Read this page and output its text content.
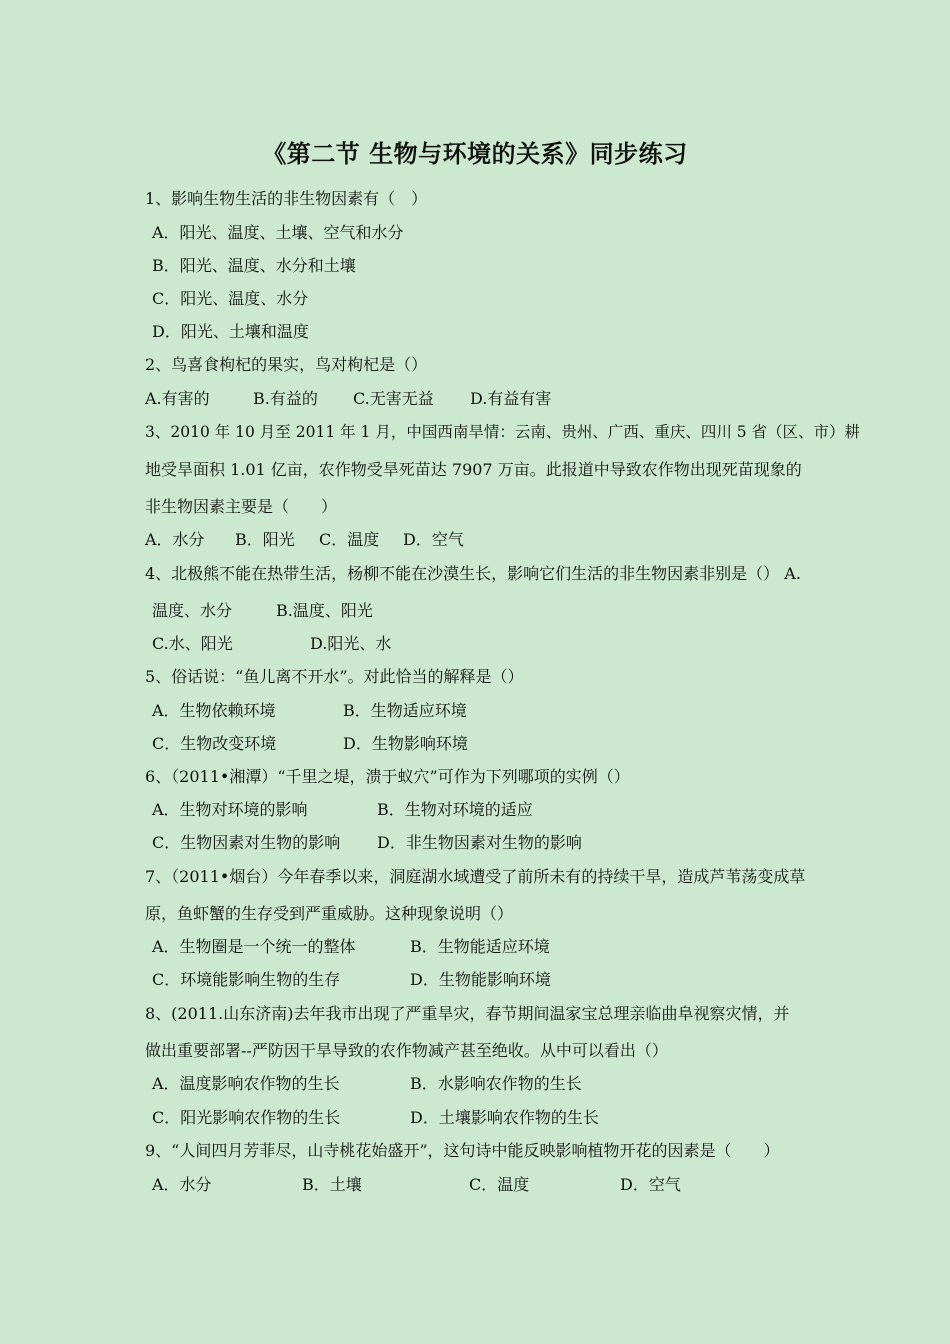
《第二节 生物与环境的关系》同步练习
1、影响生物生活的非生物因素有（　）
A．阳光、温度、土壤、空气和水分
B．阳光、温度、水分和土壤
C．阳光、温度、水分
D．阳光、土壤和温度
2、鸟喜食枸杞的果实，鸟对枸杞是（）
A.有害的	B.有益的 C.无害无益 D.有益有害
3、2010 年 10 月至 2011 年 1 月，中国西南旱情：云南、贵州、广西、重庆、四川 5 省（区、市）耕
地受旱面积 1.01 亿亩，农作物受旱死苗达 7907 万亩。此报道中导致农作物出现死苗现象的
非生物因素主要是（　　）
A．水分 B．阳光 C．温度 D．空气
4、北极熊不能在热带生活，杨柳不能在沙漠生长，影响它们生活的非生物因素非别是（） A.
温度、水分	B.温度、阳光
C.水、阳光	D.阳光、水
5、俗话说：“鱼儿离不开水”。对此恰当的解释是（）
A．生物依赖环境	B．生物适应环境
C．生物改变环境	D．生物影响环境
6、（2011•湘潭）“千里之堤，溃于蚁穴”可作为下列哪项的实例（）
A．生物对环境的影响	B．生物对环境的适应
C．生物因素对生物的影响 D．非生物因素对生物的影响
7、（2011•烟台）今年春季以来，洞庭湖水域遭受了前所未有的持续干旱，造成芦苇荡变成草
原，鱼虾蟹的生存受到严重威胁。这种现象说明（）
A．生物圈是一个统一的整体	B．生物能适应环境
C．环境能影响生物的生存	D．生物能影响环境
8、(2011.山东济南)去年我市出现了严重旱灾，春节期间温家宝总理亲临曲阜视察灾情，并
做出重要部署--严防因干旱导致的农作物减产甚至绝收。从中可以看出（）
A．温度影响农作物的生长	B．水影响农作物的生长
C．阳光影响农作物的生长	D．土壤影响农作物的生长
9、“人间四月芳菲尽，山寺桃花始盛开”，这句诗中能反映影响植物开花的因素是（　　）
A．水分	B．土壤	C．温度	D．空气
